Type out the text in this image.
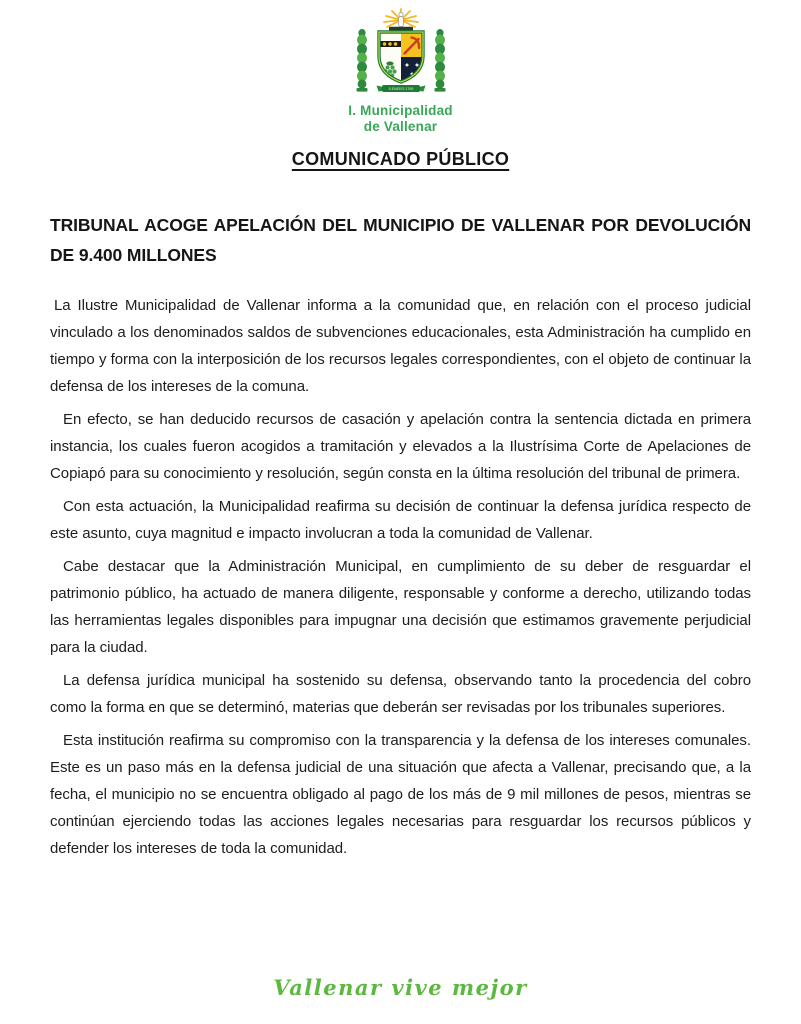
5 ENERO 1789
I. Municipalidad
de Vallenar
COMUNICADO PÚBLICO
TRIBUNAL ACOGE APELACIÓN DEL MUNICIPIO DE VALLENAR POR DEVOLUCIÓN DE 9.400 MILLONES

La Ilustre Municipalidad de Vallenar informa a la comunidad que, en relación con el proceso judicial vinculado a los denominados saldos de subvenciones educacionales, esta Administración ha cumplido en tiempo y forma con la interposición de los recursos legales correspondientes, con el objeto de continuar la defensa de los intereses de la comuna.

En efecto, se han deducido recursos de casación y apelación contra la sentencia dictada en primera instancia, los cuales fueron acogidos a tramitación y elevados a la Ilustrísima Corte de Apelaciones de Copiapó para su conocimiento y resolución, según consta en la última resolución del tribunal de primera.

Con esta actuación, la Municipalidad reafirma su decisión de continuar la defensa jurídica respecto de este asunto, cuya magnitud e impacto involucran a toda la comunidad de Vallenar.

Cabe destacar que la Administración Municipal, en cumplimiento de su deber de resguardar el patrimonio público, ha actuado de manera diligente, responsable y conforme a derecho, utilizando todas las herramientas legales disponibles para impugnar una decisión que estimamos gravemente perjudicial para la ciudad.

La defensa jurídica municipal ha sostenido su defensa, observando tanto la procedencia del cobro como la forma en que se determinó, materias que deberán ser revisadas por los tribunales superiores.

Esta institución reafirma su compromiso con la transparencia y la defensa de los intereses comunales. Este es un paso más en la defensa judicial de una situación que afecta a Vallenar, precisando que, a la fecha, el municipio no se encuentra obligado al pago de los más de 9 mil millones de pesos, mientras se continúan ejerciendo todas las acciones legales necesarias para resguardar los recursos públicos y defender los intereses de toda la comunidad.

Vallenar vive mejor
